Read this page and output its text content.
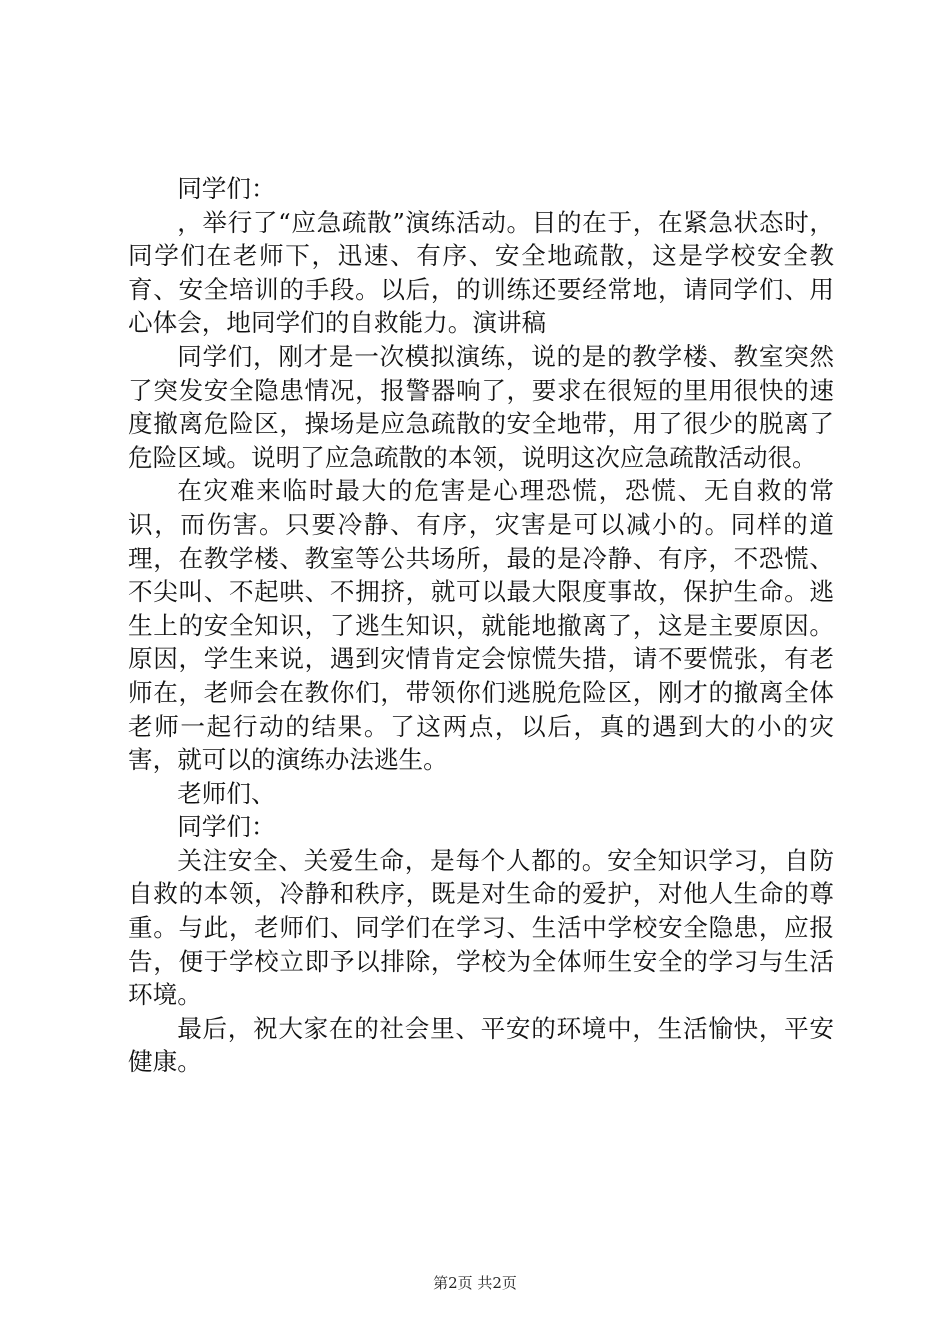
同学们：

，举行了“应急疏散”演练活动。目的在于，在紧急状态时，同学们在老师下，迅速、有序、安全地疏散，这是学校安全教育、安全培训的手段。以后，的训练还要经常地，请同学们、用心体会，地同学们的自救能力。演讲稿

同学们，刚才是一次模拟演练，说的是的教学楼、教室突然了突发安全隐患情况，报警器响了，要求在很短的里用很快的速度撤离危险区，操场是应急疏散的安全地带，用了很少的脱离了危险区域。说明了应急疏散的本领，说明这次应急疏散活动很。

在灾难来临时最大的危害是心理恐慌，恐慌、无自救的常识，而伤害。只要冷静、有序，灾害是可以减小的。同样的道理，在教学楼、教室等公共场所，最的是冷静、有序，不恐慌、不尖叫、不起哄、不拥挤，就可以最大限度事故，保护生命。逃生上的安全知识，了逃生知识，就能地撤离了，这是主要原因。原因，学生来说，遇到灾情肯定会惊慌失措，请不要慌张，有老师在，老师会在教你们，带领你们逃脱危险区，刚才的撤离全体老师一起行动的结果。了这两点，以后，真的遇到大的小的灾害，就可以的演练办法逃生。

老师们、

同学们：

关注安全、关爱生命，是每个人都的。安全知识学习，自防自救的本领，冷静和秩序，既是对生命的爱护，对他人生命的尊重。与此，老师们、同学们在学习、生活中学校安全隐患，应报告，便于学校立即予以排除，学校为全体师生安全的学习与生活环境。

最后，祝大家在的社会里、平安的环境中，生活愉快，平安健康。

第2页 共2页
